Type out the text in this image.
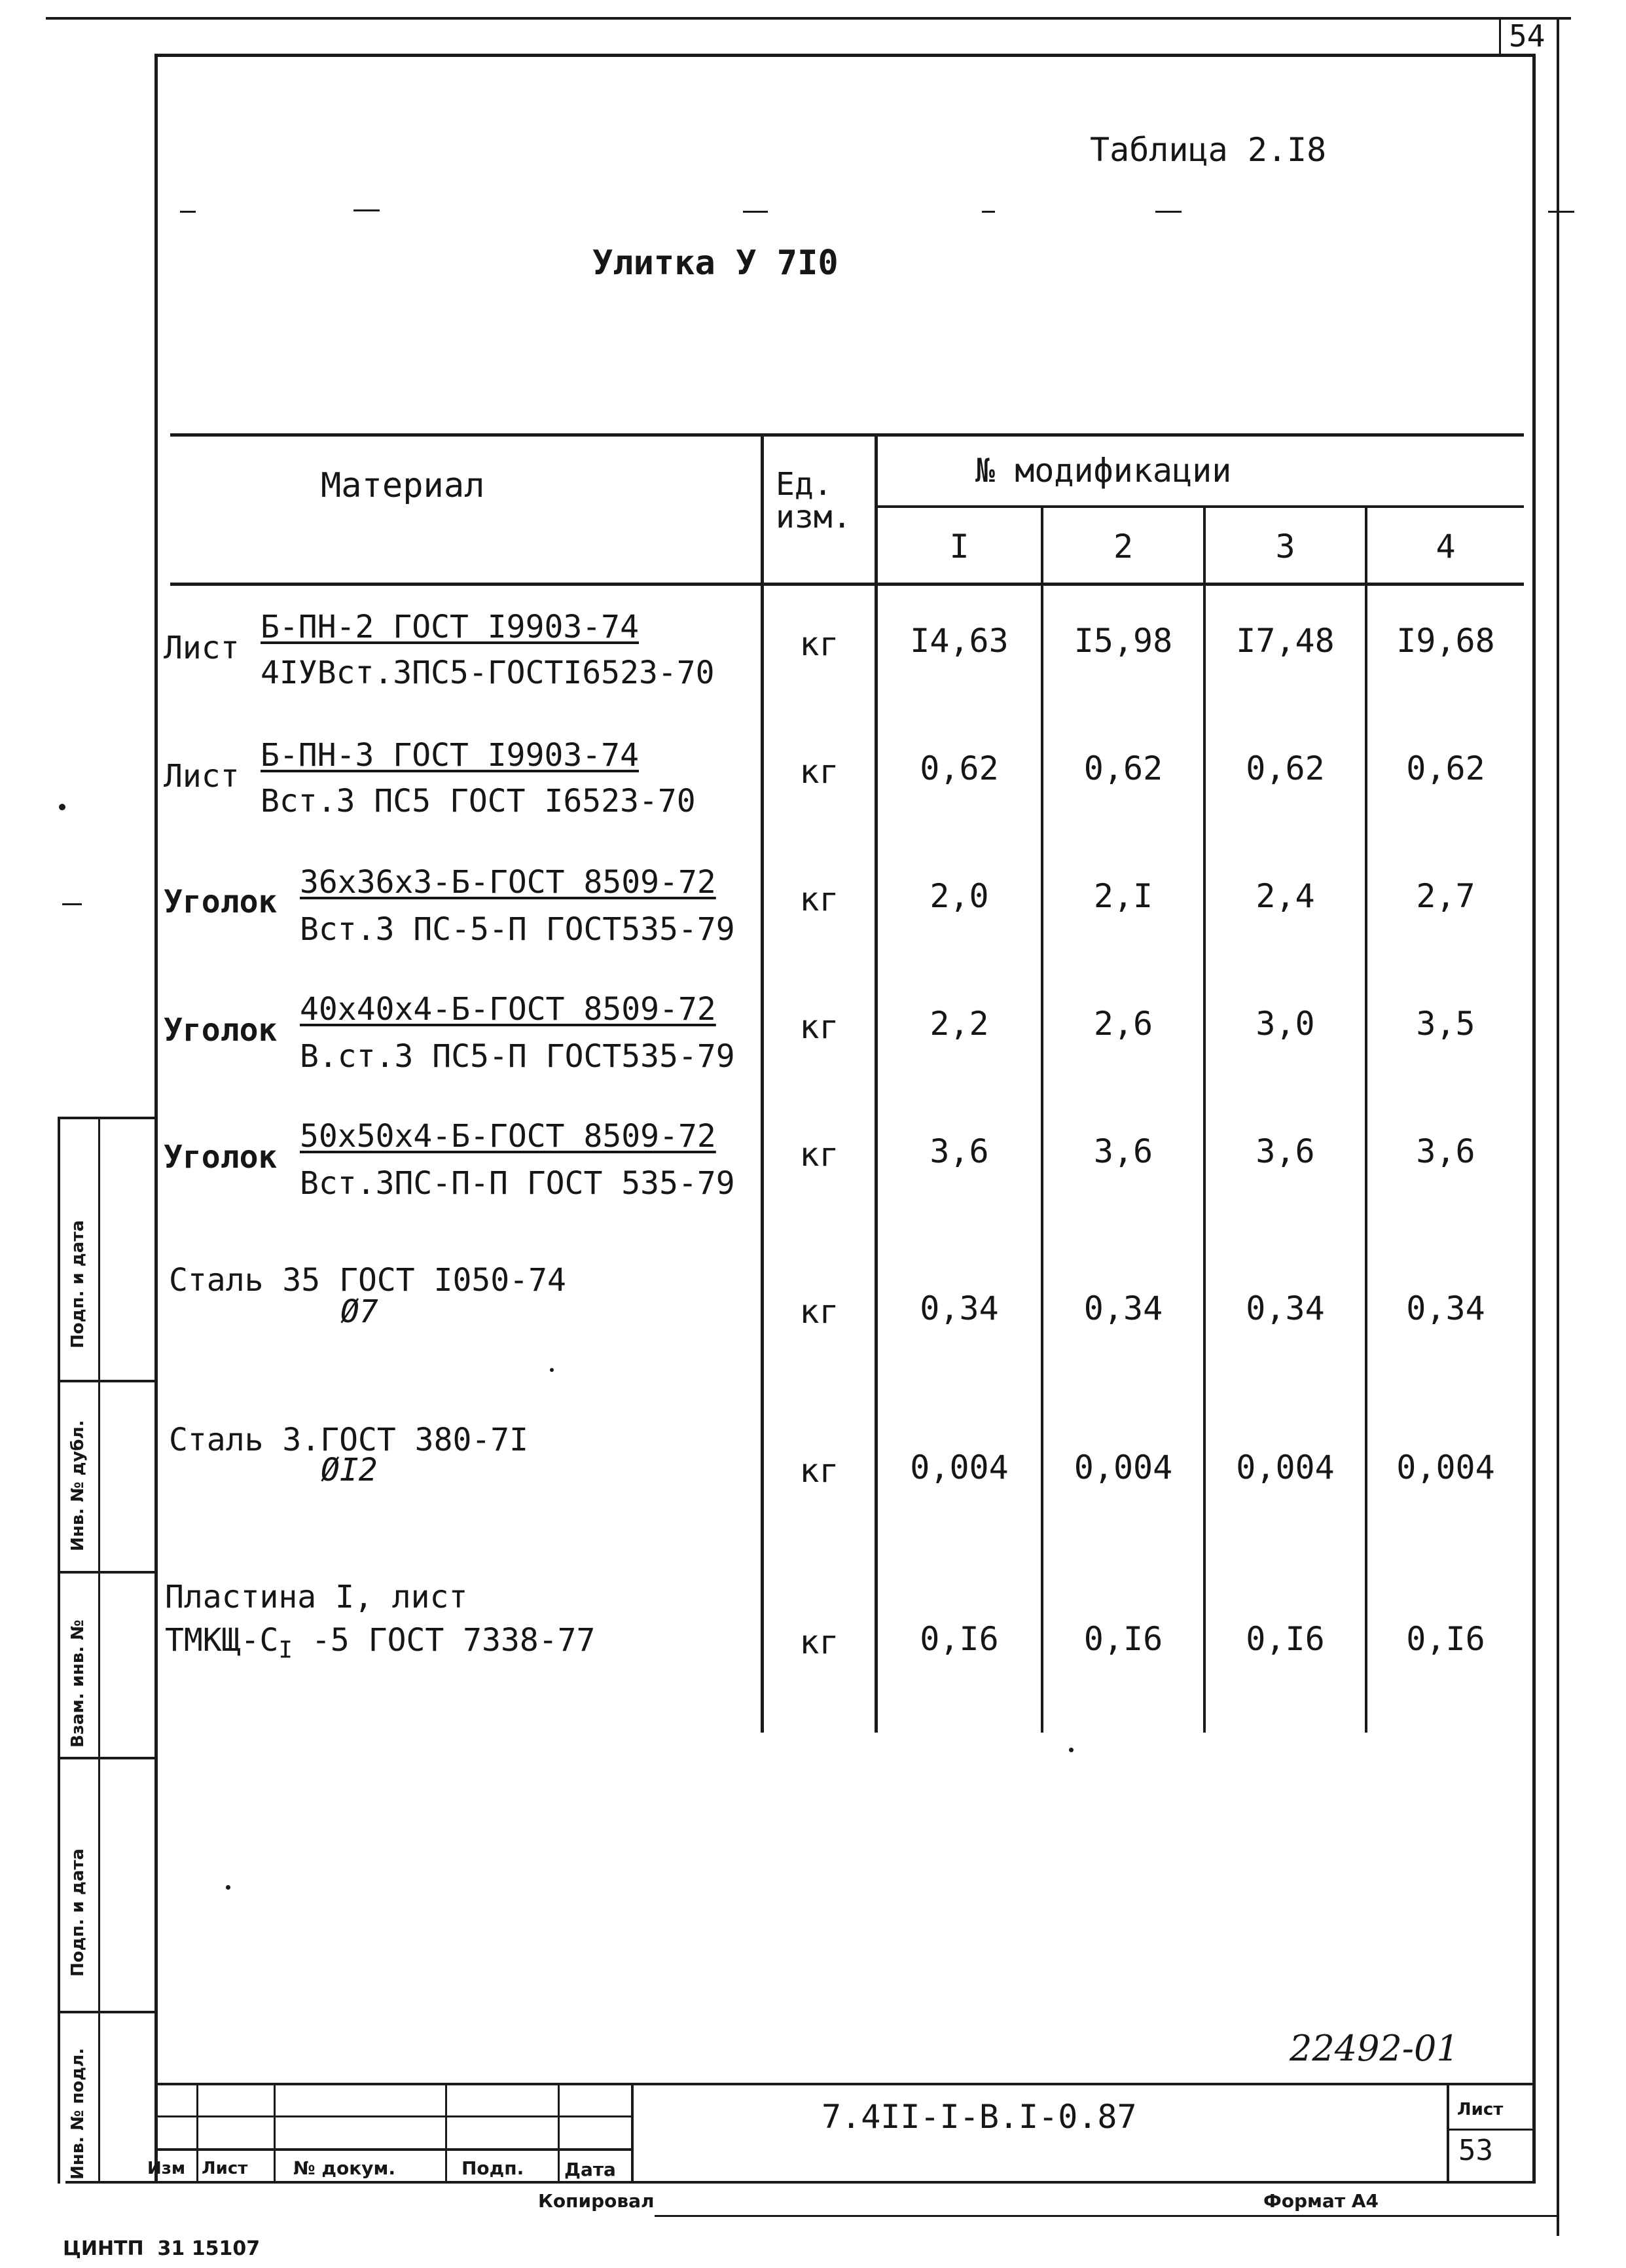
54
Таблица 2.I8
Улитка У 7I0
Материал	Ед.
изм.
№ модификации
I	2	3	4
Лист
Б-ПН-2 ГОСТ I9903-74
4IУВст.3ПС5-ГОСТI6523-70
кг	I4,63	I5,98	I7,48	I9,68
Лист
Б-ПН-3 ГОСТ I9903-74
Вст.3 ПС5 ГОСТ I6523-70
кг	0,62	0,62	0,62	0,62
Уголок
36х36х3-Б-ГОСТ 8509-72
Вст.3 ПС-5-П ГОСТ535-79
кг	2,0	2,I	2,4	2,7
Уголок
40х40х4-Б-ГОСТ 8509-72
В.ст.3 ПС5-П ГОСТ535-79
кг	2,2	2,6	3,0	3,5
Уголок
50х50х4-Б-ГОСТ 8509-72
Вст.3ПС-П-П ГОСТ 535-79
кг	3,6	3,6	3,6	3,6
Сталь 35 ГОСТ I050-74
Ø7	кг	0,34	0,34	0,34	0,34
Сталь 3.ГОСТ 380-7I
ØI2	кг	0,004	0,004	0,004	0,004
Пластина I, лист
ТМКЩ-$С_I$ -5 ГОСТ 7338-77	кг	0,I6	0,I6	0,I6	0,I6
Подп. и дата
Инв. № дубл.
Взам. инв. №
Подп. и дата
Инв. № подл.	Изм Лист № докум.	Подп. Дата
7.4II-I-В.I-0.87	Лист
53
22492-01
Копировал	Формат А4
ЦИНТП  31 15107
